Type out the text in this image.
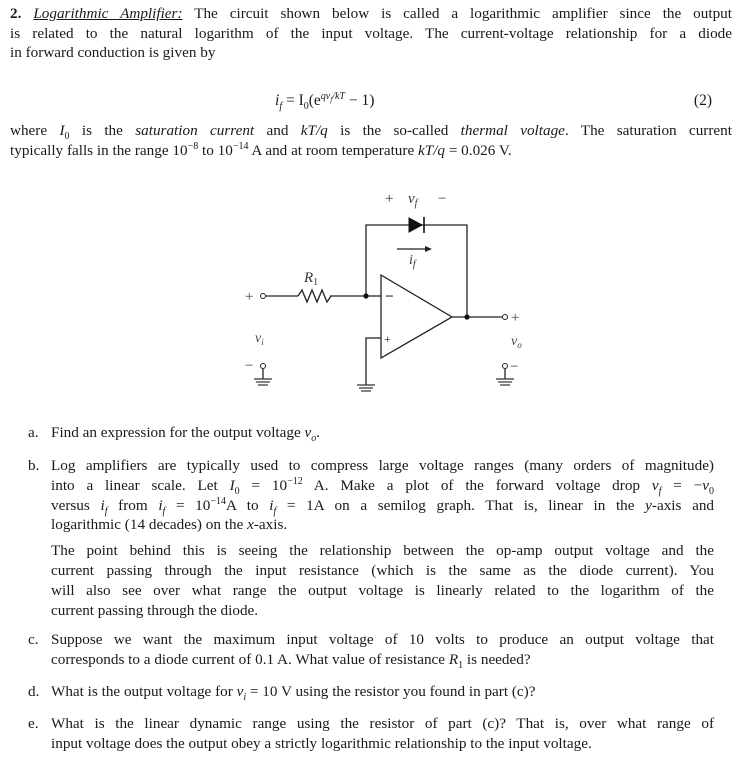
2. Logarithmic Amplifier: The circuit shown below is called a logarithmic amplifier since the output
is related to the natural logarithm of the input voltage. The current-voltage relationship for a diode
in forward conduction is given by
$i_f = I_0(e^{qv_f/kT} - 1)$	(2)
where $I_0$ is the saturation current and kT/q is the so-called thermal voltage. The saturation current
typically falls in the range $10^{-8}$ to $10^{-14}$ A and at room temperature kT/q = 0.026 V.
+ $v_f$ −
$i_f$
$R_1$
+
$v_i$
−
−
+
+
$v_o$
−
a. Find an expression for the output voltage $v_o$.
b. Log amplifiers are typically used to compress large voltage ranges (many orders of magnitude)
into a linear scale. Let $I_0 = 10^{-12}$ A. Make a plot of the forward voltage drop $v_f = -v_0$
versus $i_f$ from $i_f = 10^{-14}A$ to $i_f = 1A$ on a semilog graph. That is, linear in the y-axis and
logarithmic (14 decades) on the x-axis.
The point behind this is seeing the relationship between the op-amp output voltage and the
current passing through the input resistance (which is the same as the diode current). You
will also see over what range the output voltage is linearly related to the logarithm of the
current passing through the diode.
c. Suppose we want the maximum input voltage of 10 volts to produce an output voltage that
corresponds to a diode current of 0.1 A. What value of resistance $R_1$ is needed?
d. What is the output voltage for $v_i = 10$ V using the resistor you found in part (c)?
e. What is the linear dynamic range using the resistor of part (c)? That is, over what range of
input voltage does the output obey a strictly logarithmic relationship to the input voltage.
